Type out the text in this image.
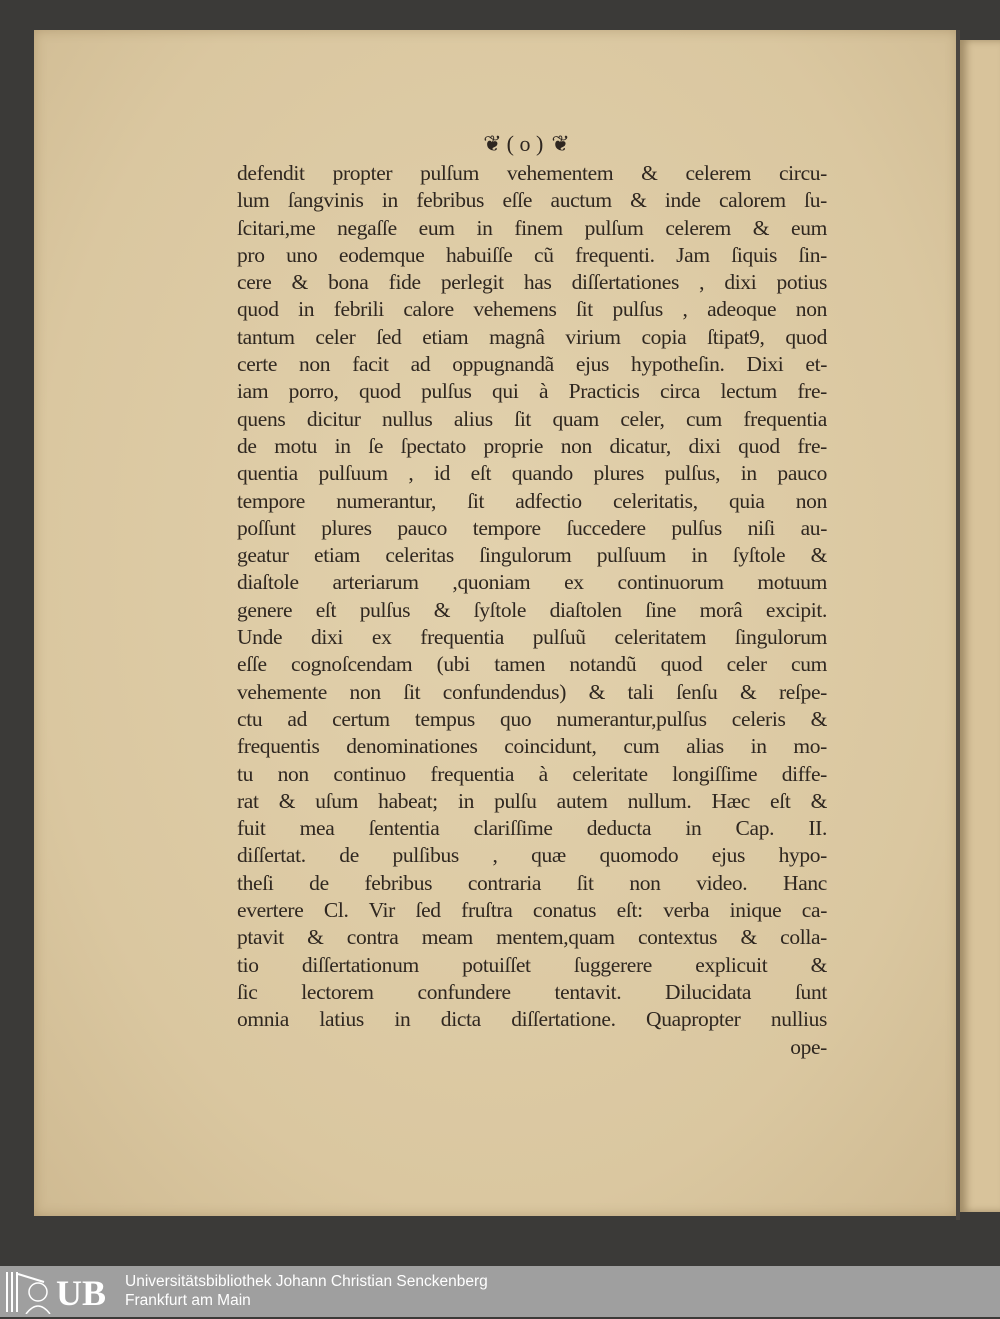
❦ ( o ) ❦
defendit propter pulſum vehementem & celerem circu-
lum ſangvinis in febribus eſſe auctum & inde calorem ſu-
ſcitari,me negaſſe eum in finem pulſum celerem & eum
pro uno eodemque habuiſſe cũ frequenti. Jam ſiquis ſin-
cere & bona fide perlegit has diſſertationes , dixi potius
quod in febrili calore vehemens ſit pulſus , adeoque non
tantum celer ſed etiam magnâ virium copia ſtipat9, quod
certe non facit ad oppugnandã ejus hypotheſin. Dixi et-
iam porro, quod pulſus qui à Practicis circa lectum fre-
quens dicitur nullus alius ſit quam celer, cum frequentia
de motu in ſe ſpectato proprie non dicatur, dixi quod fre-
quentia pulſuum , id eſt quando plures pulſus, in pauco
tempore numerantur, ſit adfectio celeritatis, quia non
poſſunt plures pauco tempore ſuccedere pulſus niſi au-
geatur etiam celeritas ſingulorum pulſuum in ſyſtole &
diaſtole arteriarum ,quoniam ex continuorum motuum
genere eſt pulſus & ſyſtole diaſtolen ſine morâ excipit.
Unde dixi ex frequentia pulſuũ celeritatem ſingulorum
eſſe cognoſcendam (ubi tamen notandũ quod celer cum
vehemente non ſit confundendus) & tali ſenſu & reſpe-
ctu ad certum tempus quo numerantur,pulſus celeris &
frequentis denominationes coincidunt, cum alias in mo-
tu non continuo frequentia à celeritate longiſſime diffe-
rat & uſum habeat; in pulſu autem nullum. Hæc eſt &
fuit mea ſententia clariſſime deducta in Cap. II.
diſſertat. de pulſibus , quæ quomodo ejus hypo-
theſi de febribus contraria ſit non video. Hanc
evertere Cl. Vir ſed fruſtra conatus eſt: verba inique ca-
ptavit & contra meam mentem,quam contextus & colla-
tio diſſertationum potuiſſet ſuggerere explicuit &
ſic lectorem confundere tentavit. Dilucidata ſunt
omnia latius in dicta diſſertatione. Quapropter nullius
ope-
UB Universitätsbibliothek Johann Christian Senckenberg
Frankfurt am Main
